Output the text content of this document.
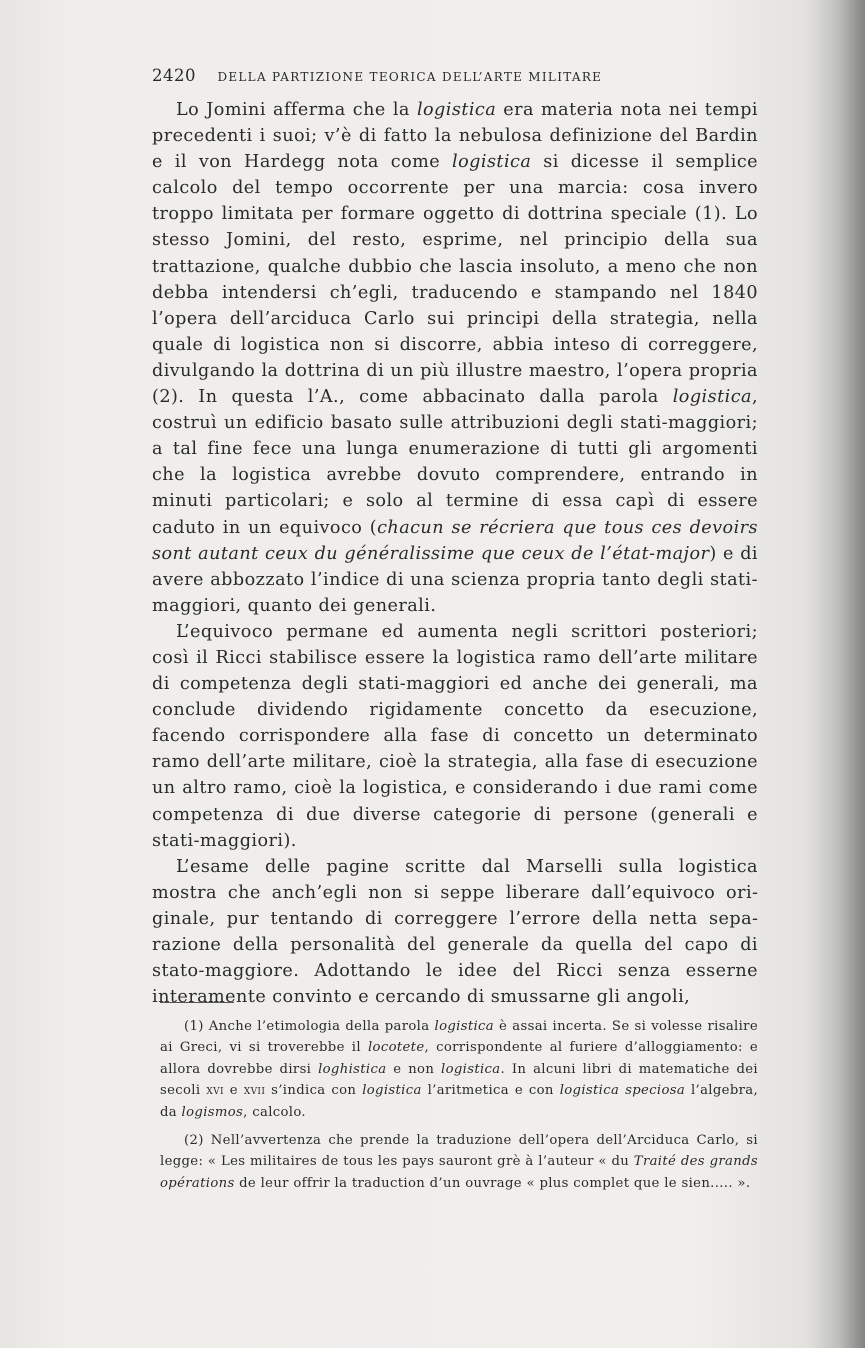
2420 DELLA PARTIZIONE TEORICA DELL’ARTE MILITARE

Lo Jomini afferma che la logistica era materia nota nei tempi precedenti i suoi; v’è di fatto la nebulosa definizione del Bardin e il von Hardegg nota come logistica si dicesse il semplice calcolo del tempo occorrente per una marcia: cosa invero troppo limitata per formare oggetto di dottrina speciale (1). Lo stesso Jomini, del resto, esprime, nel principio della sua trattazione, qualche dubbio che lascia insoluto, a meno che non debba intendersi ch’egli, traducendo e stampando nel 1840 l’opera dell’arciduca Carlo sui principi della strategia, nella quale di logistica non si discorre, abbia inteso di correggere, divulgando la dottrina di un più illustre maestro, l’opera propria (2). In questa l’A., come abbacinato dalla parola logistica, costruì un edificio basato sulle attribuzioni degli stati-maggiori; a tal fine fece una lunga enumerazione di tutti gli argomenti che la logistica avrebbe dovuto comprendere, entrando in minuti particolari; e solo al termine di essa capì di essere caduto in un equivoco (chacun se récriera que tous ces devoirs sont autant ceux du généralissime que ceux de l’état-major) e di avere abbozzato l’indice di una scienza propria tanto degli stati-maggiori, quanto dei generali.

L’equivoco permane ed aumenta negli scrittori posteriori; così il Ricci stabilisce essere la logistica ramo dell’arte militare di competenza degli stati-maggiori ed anche dei generali, ma conclude dividendo rigidamente concetto da esecuzione, facendo corrispondere alla fase di concetto un determinato ramo dell’arte militare, cioè la strategia, alla fase di esecuzione un altro ramo, cioè la logistica, e considerando i due rami come competenza di due diverse categorie di persone (generali e stati-maggiori).

L’esame delle pagine scritte dal Marselli sulla logistica mostra che anch’egli non si seppe liberare dall’equivoco originale, pur tentando di correggere l’errore della netta separazione della personalità del generale da quella del capo di stato-maggiore. Adottando le idee del Ricci senza esserne interamente convinto e cercando di smussarne gli angoli,

(1) Anche l’etimologia della parola logistica è assai incerta. Se si volesse risalire ai Greci, vi si troverebbe il locotete, corrispondente al furiere d’alloggiamento: e allora dovrebbe dirsi loghistica e non logistica. In alcuni libri di matematiche dei secoli xvi e xvii s’indica con logistica l’aritmetica e con logistica speciosa l’algebra, da logismos, calcolo.

(2) Nell’avvertenza che prende la traduzione dell’opera dell’Arciduca Carlo, si legge: « Les militaires de tous les pays sauront grè à l’auteur « du Traité des grands opérations de leur offrir la traduction d’un ouvrage « plus complet que le sien..... ».
